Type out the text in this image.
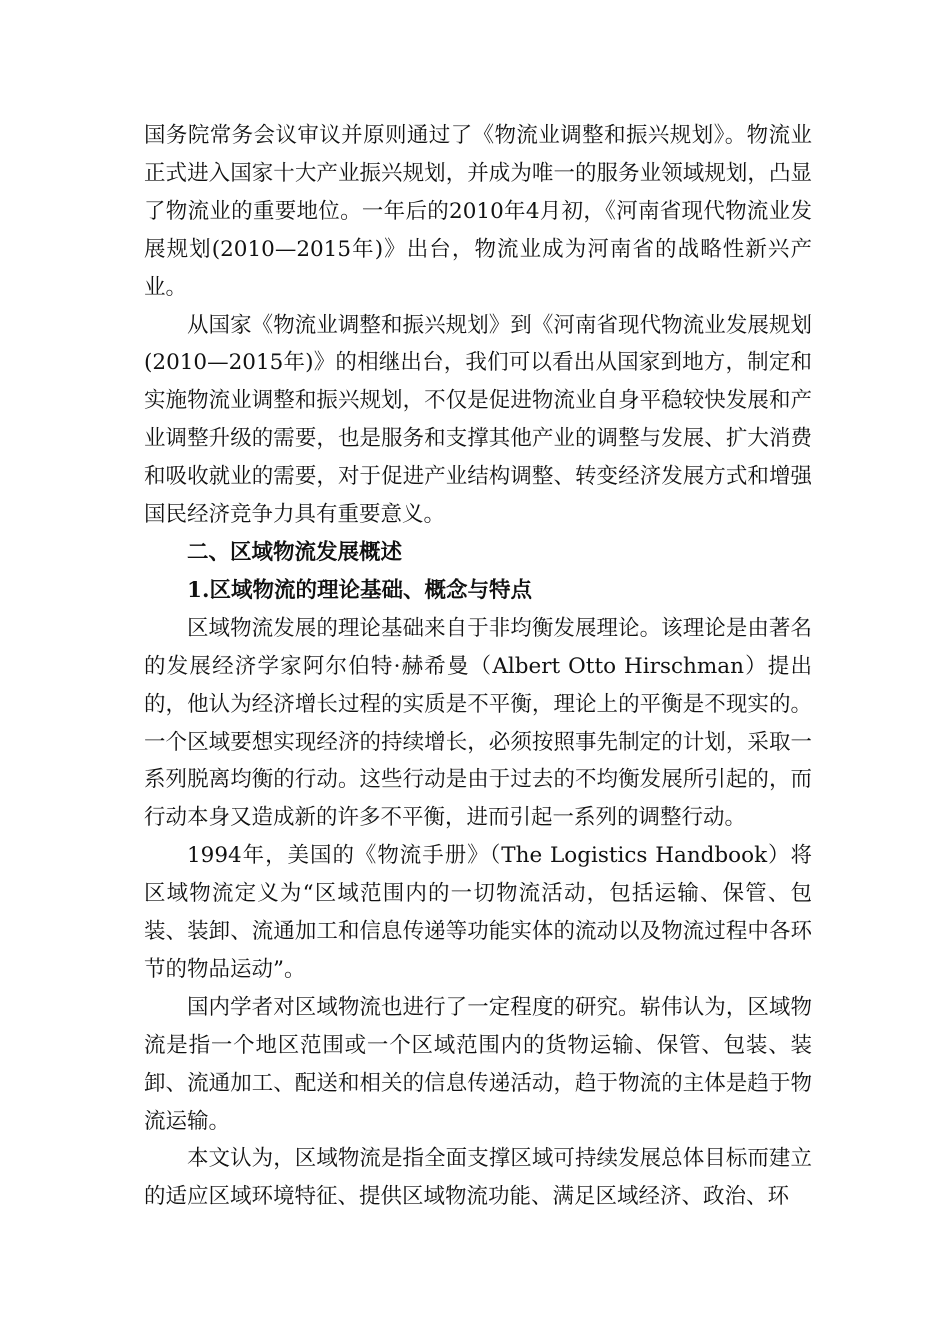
国务院常务会议审议并原则通过了《物流业调整和振兴规划》。物流业正式进入国家十大产业振兴规划，并成为唯一的服务业领域规划，凸显了物流业的重要地位。一年后的2010年4月初，《河南省现代物流业发展规划(2010—2015年)》出台，物流业成为河南省的战略性新兴产业。

从国家《物流业调整和振兴规划》到《河南省现代物流业发展规划(2010—2015年)》的相继出台，我们可以看出从国家到地方，制定和实施物流业调整和振兴规划，不仅是促进物流业自身平稳较快发展和产业调整升级的需要，也是服务和支撑其他产业的调整与发展、扩大消费和吸收就业的需要，对于促进产业结构调整、转变经济发展方式和增强国民经济竞争力具有重要意义。

二、区域物流发展概述
1.区域物流的理论基础、概念与特点

区域物流发展的理论基础来自于非均衡发展理论。该理论是由著名的发展经济学家阿尔伯特·赫希曼（Albert Otto Hirschman）提出的，他认为经济增长过程的实质是不平衡，理论上的平衡是不现实的。一个区域要想实现经济的持续增长，必须按照事先制定的计划，采取一系列脱离均衡的行动。这些行动是由于过去的不均衡发展所引起的，而行动本身又造成新的许多不平衡，进而引起一系列的调整行动。

1994年，美国的《物流手册》（The Logistics Handbook）将区域物流定义为“区域范围内的一切物流活动，包括运输、保管、包装、装卸、流通加工和信息传递等功能实体的流动以及物流过程中各环节的物品运动”。

国内学者对区域物流也进行了一定程度的研究。崭伟认为，区域物流是指一个地区范围或一个区域范围内的货物运输、保管、包装、装卸、流通加工、配送和相关的信息传递活动，趋于物流的主体是趋于物流运输。

本文认为，区域物流是指全面支撑区域可持续发展总体目标而建立的适应区域环境特征、提供区域物流功能、满足区域经济、政治、环
